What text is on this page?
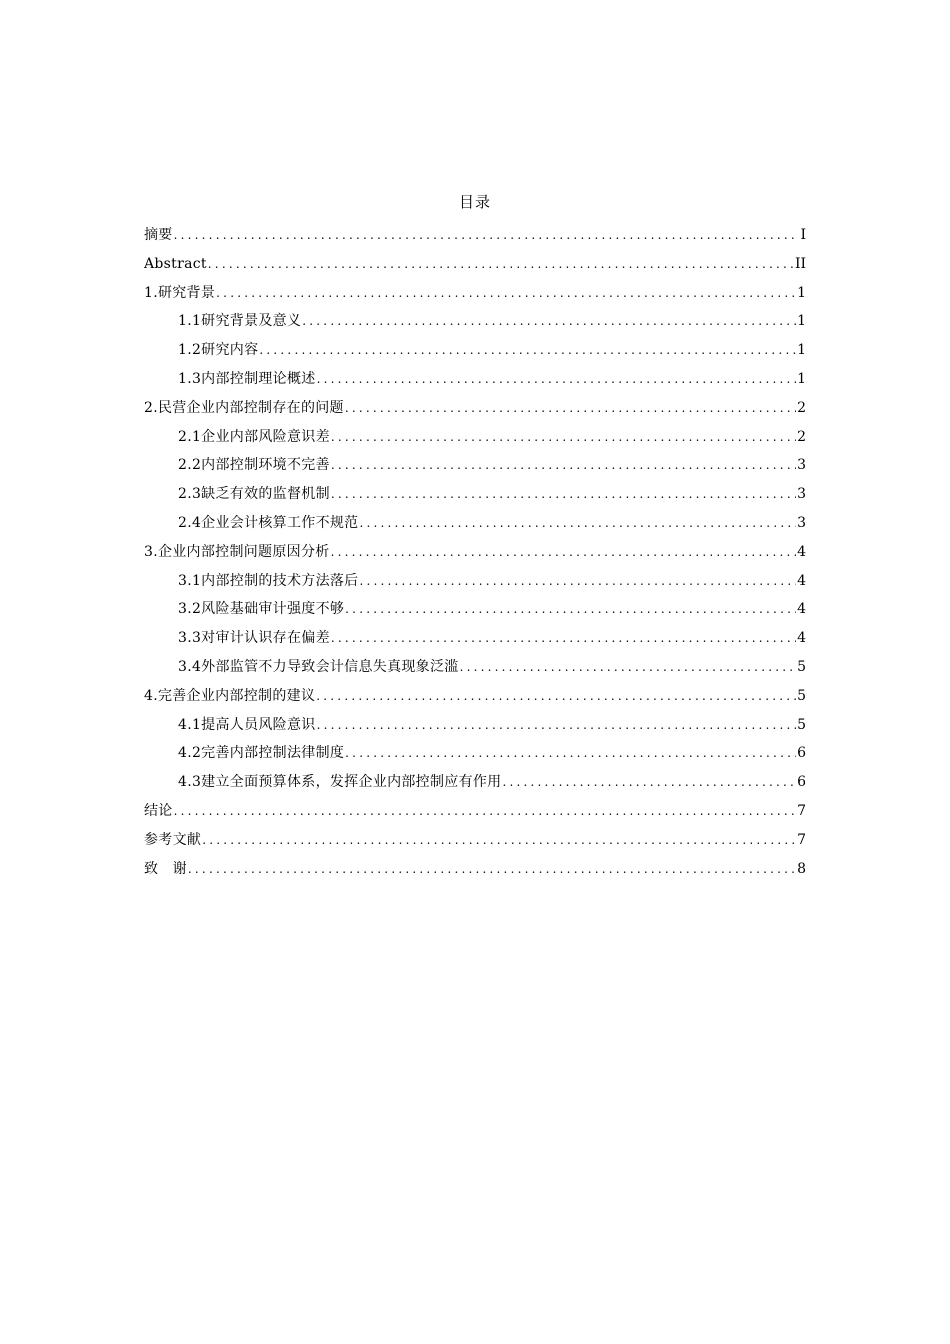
目录
摘要 .....	I
Abstract .....	II
1.研究背景 .....	1
1.1研究背景及意义 .....	1
1.2研究内容 .....	1
1.3内部控制理论概述 .....	1
2.民营企业内部控制存在的问题 .....	2
2.1企业内部风险意识差 .....	2
2.2内部控制环境不完善 .....	3
2.3缺乏有效的监督机制 .....	3
2.4企业会计核算工作不规范 .....	3
3.企业内部控制问题原因分析 .....	4
3.1内部控制的技术方法落后 .....	4
3.2风险基础审计强度不够 .....	4
3.3对审计认识存在偏差 .....	4
3.4外部监管不力导致会计信息失真现象泛滥 .....	5
4.完善企业内部控制的建议 .....	5
4.1提高人员风险意识 .....	5
4.2完善内部控制法律制度 .....	6
4.3建立全面预算体系，发挥企业内部控制应有作用 .....	6
结论 .....	7
参考文献 .....	7
致　谢 .....	8
